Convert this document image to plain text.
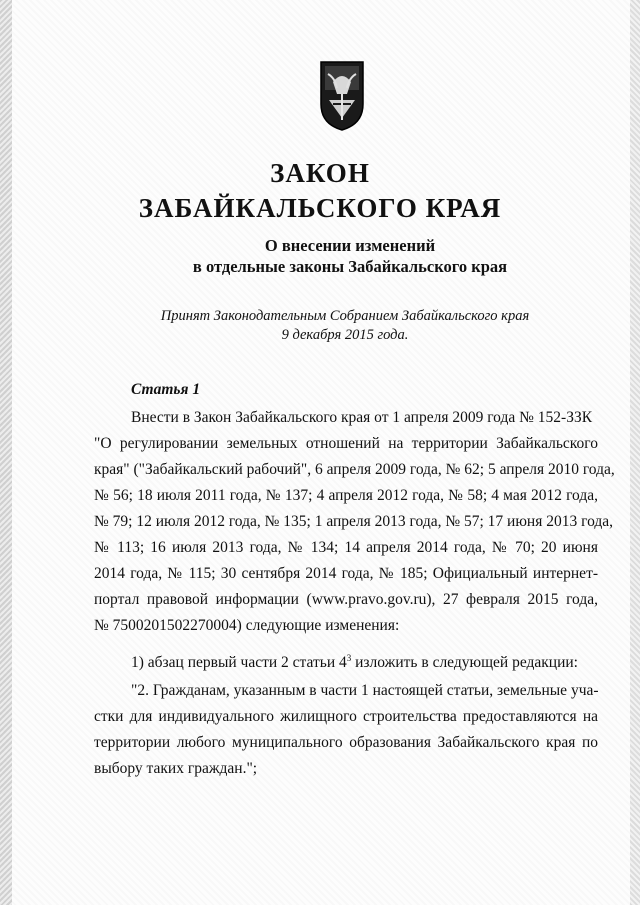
ЗАКОН
ЗАБАЙКАЛЬСКОГО КРАЯ
О внесении изменений
в отдельные законы Забайкальского края
Принят Законодательным Собранием Забайкальского края
9 декабря 2015 года.
Статья 1
Внести в Закон Забайкальского края от 1 апреля 2009 года № 152-ЗЗК
"О регулировании земельных отношений на территории Забайкальского
края" ("Забайкальский рабочий", 6 апреля 2009 года, № 62; 5 апреля 2010 года,
№ 56; 18 июля 2011 года, № 137; 4 апреля 2012 года, № 58; 4 мая 2012 года,
№ 79; 12 июля 2012 года, № 135; 1 апреля 2013 года, № 57; 17 июня 2013 года,
№ 113; 16 июля 2013 года, № 134; 14 апреля 2014 года, № 70; 20 июня
2014 года, № 115; 30 сентября 2014 года, № 185; Официальный интернет-
портал правовой информации (www.pravo.gov.ru), 27 февраля 2015 года,
№ 7500201502270004) следующие изменения:
1) абзац первый части 2 статьи $4^3$ изложить в следующей редакции:
"2. Гражданам, указанным в части 1 настоящей статьи, земельные уча-
стки для индивидуального жилищного строительства предоставляются на
территории любого муниципального образования Забайкальского края по
выбору таких граждан.";
